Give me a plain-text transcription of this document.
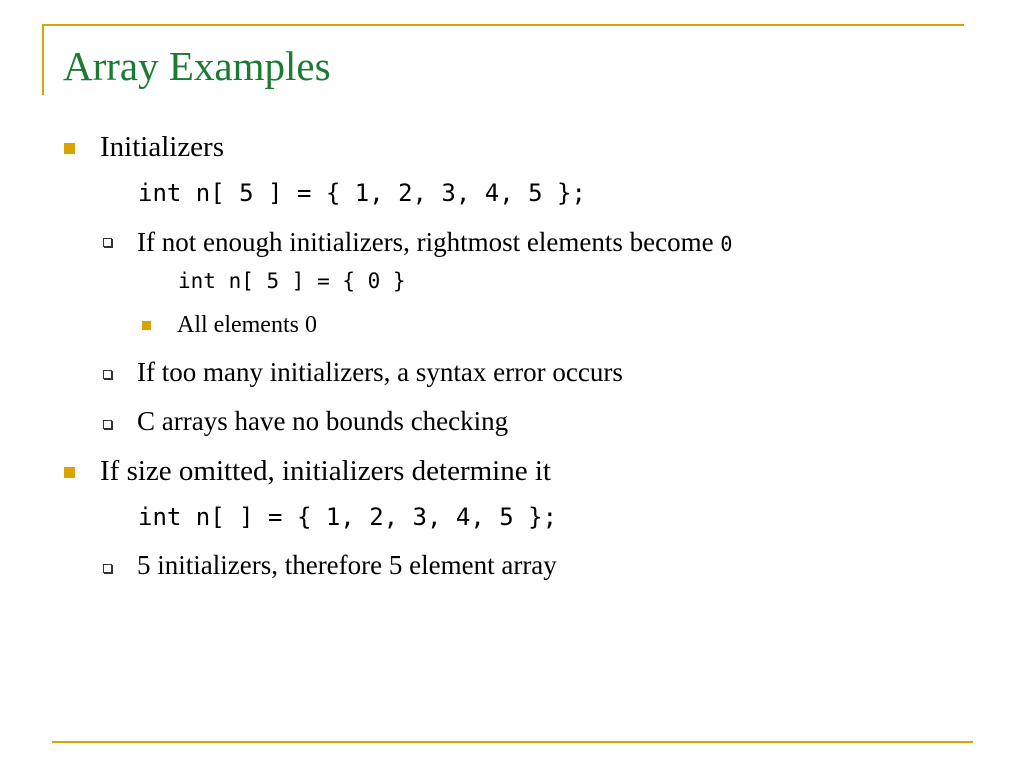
Array Examples
Initializers
int n[ 5 ] = { 1, 2, 3, 4, 5 };
If not enough initializers, rightmost elements become 0
int n[ 5 ] = { 0 }
All elements 0
If too many initializers, a syntax error occurs
C arrays have no bounds checking
If size omitted, initializers determine it
int n[ ] = { 1, 2, 3, 4, 5 };
5 initializers, therefore 5 element array
